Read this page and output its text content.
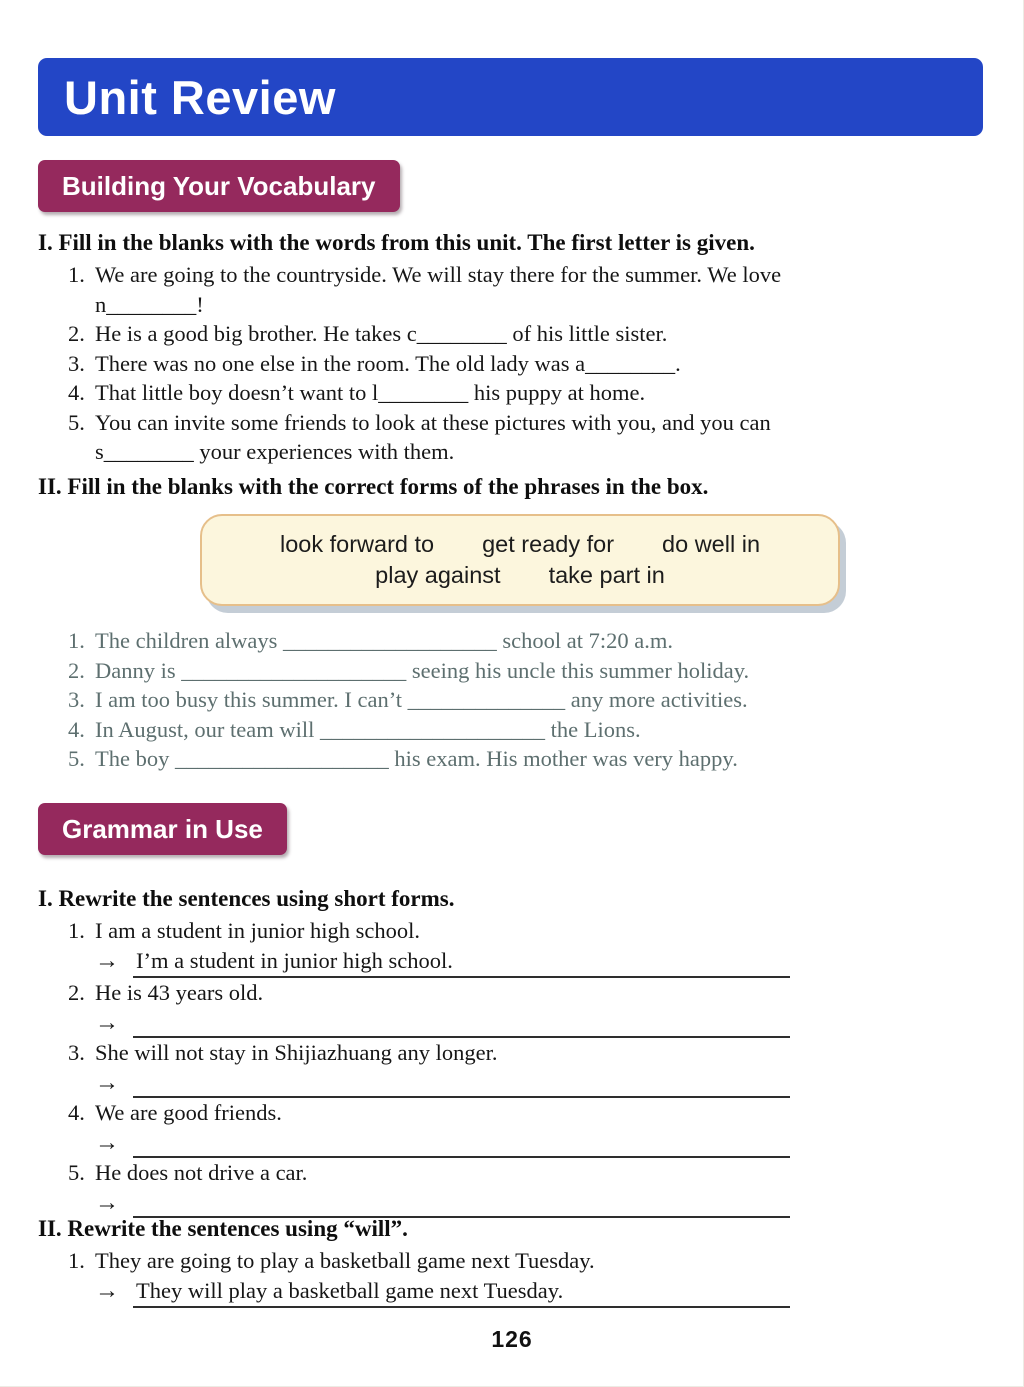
Unit Review
Building Your Vocabulary
I. Fill in the blanks with the words from this unit. The first letter is given.
1. We are going to the countryside. We will stay there for the summer. We love
n________!
2. He is a good big brother. He takes c________ of his little sister.
3. There was no one else in the room. The old lady was a________.
4. That little boy doesn’t want to l________ his puppy at home.
5. You can invite some friends to look at these pictures with you, and you can
s________ your experiences with them.
II. Fill in the blanks with the correct forms of the phrases in the box.
look forward to get ready for do well in
play against take part in
1. The children always ___________________ school at 7:20 a.m.
2. Danny is ____________________ seeing his uncle this summer holiday.
3. I am too busy this summer. I can’t ______________ any more activities.
4. In August, our team will ____________________ the Lions.
5. The boy ___________________ his exam. His mother was very happy.
Grammar in Use
I. Rewrite the sentences using short forms.
1. I am a student in junior high school.
→ I’m a student in junior high school.
2. He is 43 years old.
→
3. She will not stay in Shijiazhuang any longer.
→
4. We are good friends.
→
5. He does not drive a car.
→
II. Rewrite the sentences using “will”.
1. They are going to play a basketball game next Tuesday.
→ They will play a basketball game next Tuesday.
126
